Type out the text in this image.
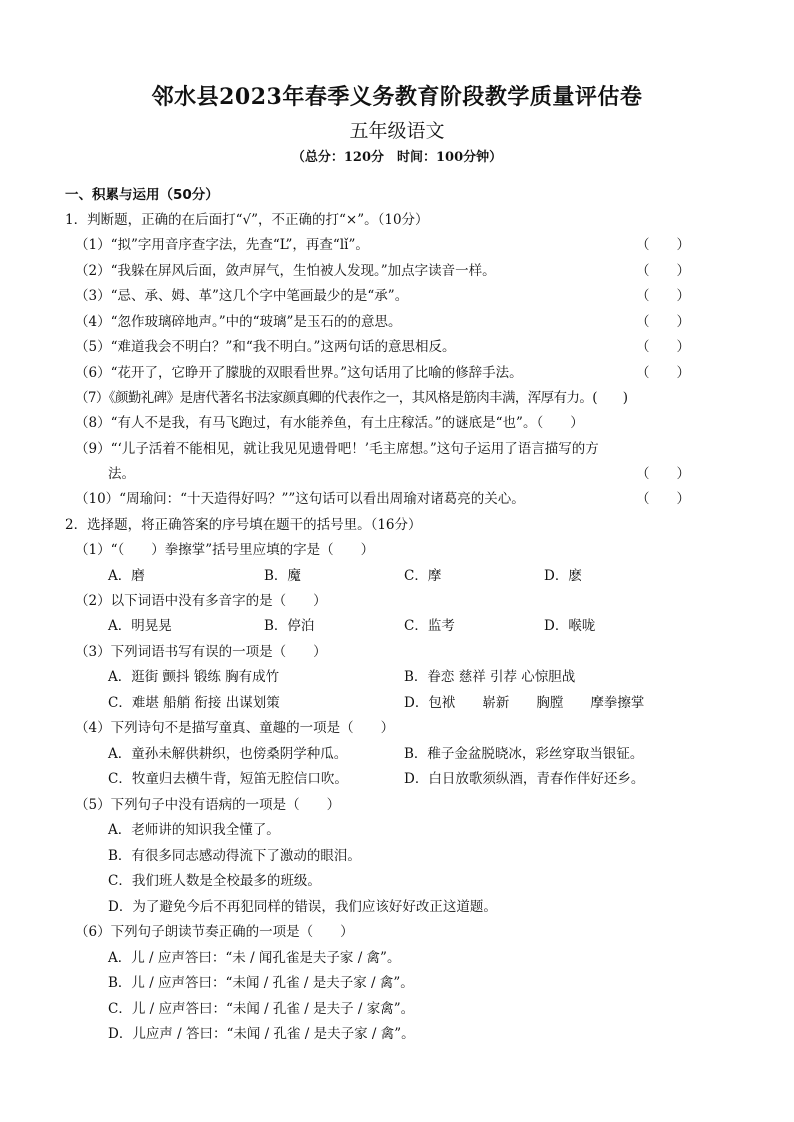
邻水县2023年春季义务教育阶段教学质量评估卷
五年级语文
（总分：120分　时间：100分钟）
一、积累与运用（50分）
1．判断题，正确的在后面打“√”，不正确的打“×”。（10分）
（1）“拟”字用音序查字法，先查“L”，再查“lǐ”。	（　　）
（2）“我躲在屏风后面，敛声屏气，生怕被人发现。”加点字读音一样。	（　　）
（3）“忌、承、姆、革”这几个字中笔画最少的是“承”。	（　　）
（4）“忽作玻璃碎地声。”中的“玻璃”是玉石的的意思。	（　　）
（5）“难道我会不明白？”和“我不明白。”这两句话的意思相反。	（　　）
（6）“花开了，它睁开了朦胧的双眼看世界。”这句话用了比喻的修辞手法。	（　　）
（7）《颜勤礼碑》是唐代著名书法家颜真卿的代表作之一，其风格是筋肉丰满，浑厚有力。(　　)
（8）“有人不是我，有马飞跑过，有水能养鱼，有土庄稼活。”的谜底是“也”。（　　）
（9）“‘儿子活着不能相见，就让我见见遗骨吧！’毛主席想。”这句子运用了语言描写的方
法。	（　　）
（10）“周瑜问：“十天造得好吗？””这句话可以看出周瑜对诸葛亮的关心。	（　　）
2．选择题，将正确答案的序号填在题干的括号里。（16分）
（1）“（　　）拳擦掌”括号里应填的字是（　　）
A．磨	B．魔	C．摩	D．麽
（2）以下词语中没有多音字的是（　　）
A．明晃晃	B．停泊	C．监考	D．喉咙
（3）下列词语书写有误的一项是（　　）
A．逛街 颤抖 锻练 胸有成竹	B．眷恋 慈祥 引荐 心惊胆战
C．难堪 船艄 衔接 出谋划策	D．包袱　　崭新　　胸膛　　摩拳擦掌
（4）下列诗句不是描写童真、童趣的一项是（　　）
A．童孙未解供耕织，也傍桑阴学种瓜。	B．稚子金盆脱晓冰，彩丝穿取当银钲。
C．牧童归去横牛背，短笛无腔信口吹。	D．白日放歌须纵酒，青春作伴好还乡。
（5）下列句子中没有语病的一项是（　　）
A．老师讲的知识我全懂了。
B．有很多同志感动得流下了激动的眼泪。
C．我们班人数是全校最多的班级。
D．为了避免今后不再犯同样的错误，我们应该好好改正这道题。
（6）下列句子朗读节奏正确的一项是（　　）
A．儿 / 应声答曰：“未 / 闻孔雀是夫子家 / 禽”。
B．儿 / 应声答曰：“未闻 / 孔雀 / 是夫子家 / 禽”。
C．儿 / 应声答曰：“未闻 / 孔雀 / 是夫子 / 家禽”。
D．儿应声 / 答曰：“未闻 / 孔雀 / 是夫子家 / 禽”。
